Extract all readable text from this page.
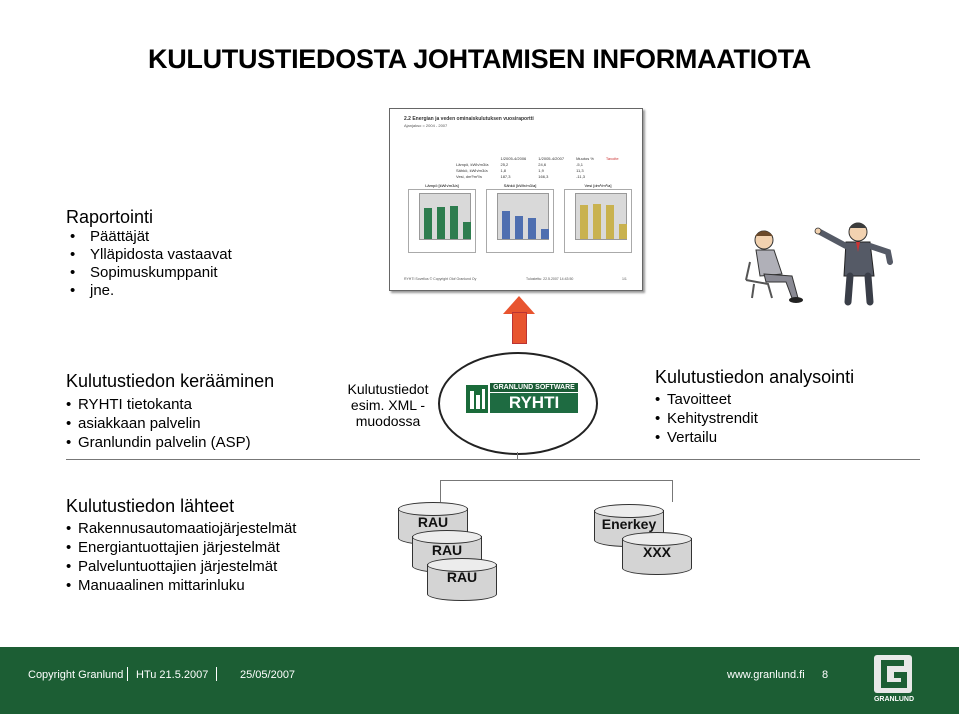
KULUTUSTIEDOSTA JOHTAMISEN INFORMAATIOTA
Raportointi
• Päättäjät
• Ylläpidosta vastaavat
• Sopimuskumppanit
• jne.
2.2 Energian ja veden ominaiskulutuksen vuosiraportti
Ajanjakso = 2004 - 2007
	1/2005-4/2006	1/2005-4/2007	Muutos %	Tavoite
Lämpö, kWh/m3/a	25,2	24,6	-5,1	
Sähkö, kWh/m3/a	1,8	1,9	11,3	
Vesi, dm³/m³/a	187,3	166,3	-11,3	
Lämpö [kWh/m3/a]	Sähkö [kWh/m3/a]	Vesi [dm³/m³/a]
RYHTI Sovellus © Copyright Olof Granlund Oy	Tulostettu: 22.5.2007 14:43:50	1/1
Kulutustiedon kerääminen
• RYHTI tietokanta
• asiakkaan palvelin
• Granlundin palvelin (ASP)
Kulutustiedot
esim. XML -
muodossa
GRANLUND SOFTWARE
RYHTI
Kulutustiedon analysointi
• Tavoitteet
• Kehitystrendit
• Vertailu
Kulutustiedon lähteet
• Rakennusautomaatiojärjestelmät
• Energiantuottajien järjestelmät
• Palveluntuottajien järjestelmät
• Manuaalinen mittarinluku
RAU
RAU
RAU
Enerkey
XXX
Copyright Granlund HTu 21.5.2007	25/05/2007	www.granlund.fi 8
GRANLUND
